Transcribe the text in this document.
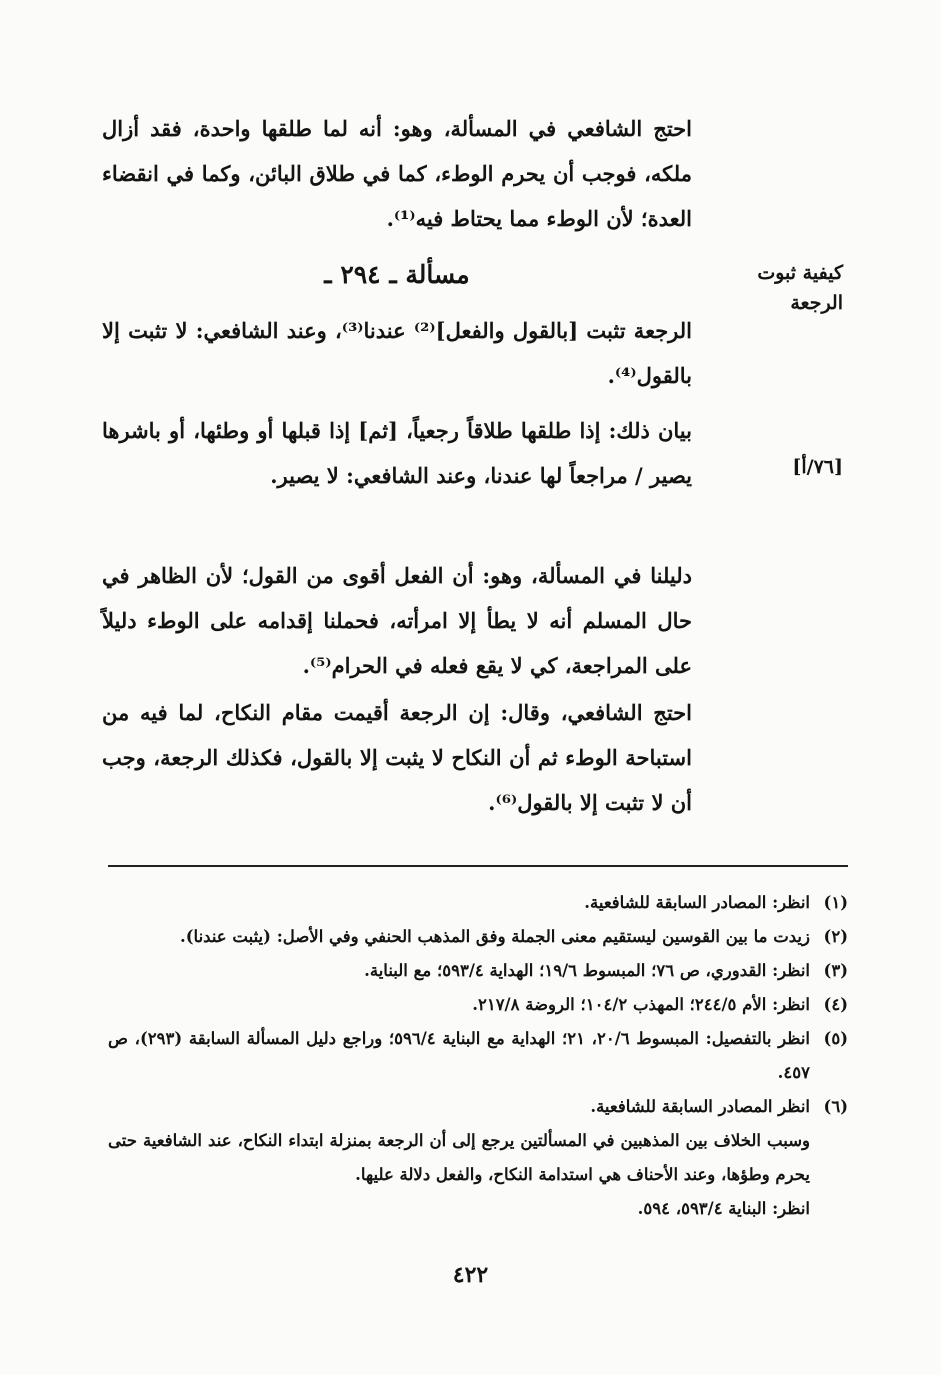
احتج الشافعي في المسألة، وهو: أنه لما طلقها واحدة، فقد أزال ملكه، فوجب أن يحرم الوطء، كما في طلاق البائن، وكما في انقضاء العدة؛ لأن الوطء مما يحتاط فيه⁽¹⁾.
كيفية ثبوت الرجعة
مسألة ـ ٢٩٤ ـ
الرجعة تثبت [بالقول والفعل]⁽²⁾ عندنا⁽³⁾، وعند الشافعي: لا تثبت إلا بالقول⁽⁴⁾.
بيان ذلك: إذا طلقها طلاقاً رجعياً، [ثم] إذا قبلها أو وطئها، أو باشرها يصير / مراجعاً لها عندنا، وعند الشافعي: لا يصير.	[٧٦/أ]
دليلنا في المسألة، وهو: أن الفعل أقوى من القول؛ لأن الظاهر في حال المسلم أنه لا يطأ إلا امرأته، فحملنا إقدامه على الوطء دليلاً على المراجعة، كي لا يقع فعله في الحرام⁽⁵⁾.
احتج الشافعي، وقال: إن الرجعة أقيمت مقام النكاح، لما فيه من استباحة الوطء ثم أن النكاح لا يثبت إلا بالقول، فكذلك الرجعة، وجب أن لا تثبت إلا بالقول⁽⁶⁾.
(١)
انظر: المصادر السابقة للشافعية.
(٢)
زيدت ما بين القوسين ليستقيم معنى الجملة وفق المذهب الحنفي وفي الأصل: (يثبت عندنا).
(٣)
انظر: القدوري، ص ٧٦؛ المبسوط ١٩/٦؛ الهداية ٥٩٣/٤؛ مع البناية.
(٤)
انظر: الأم ٢٤٤/٥؛ المهذب ١٠٤/٢؛ الروضة ٢١٧/٨.
(٥)
انظر بالتفصيل: المبسوط ٢٠/٦، ٢١؛ الهداية مع البناية ٥٩٦/٤؛ وراجع دليل المسألة السابقة (٢٩٣)، ص ٤٥٧.
(٦)
انظر المصادر السابقة للشافعية.
وسبب الخلاف بين المذهبين في المسألتين يرجع إلى أن الرجعة بمنزلة ابتداء النكاح، عند الشافعية حتى يحرم وطؤها، وعند الأحناف هي استدامة النكاح، والفعل دلالة عليها.
انظر: البناية ٥٩٣/٤، ٥٩٤.
٤٢٢
